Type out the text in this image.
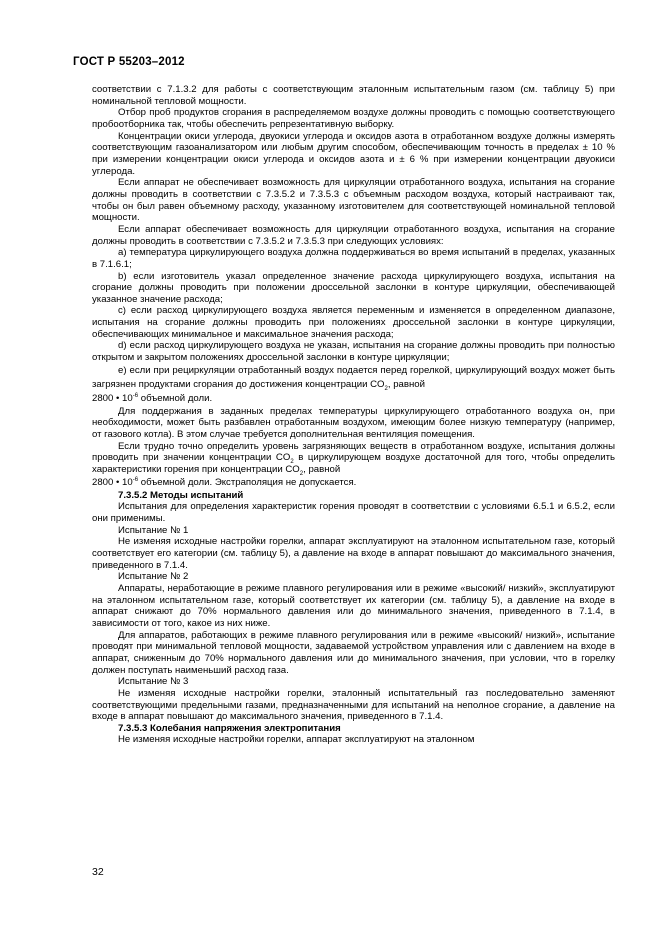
ГОСТ Р 55203–2012

соответствии с 7.1.3.2 для работы с соответствующим эталонным испытательным газом (см. таблицу 5) при номинальной тепловой мощности.

Отбор проб продуктов сгорания в распределяемом воздухе должны проводить с помощью соответствующего пробоотборника так, чтобы обеспечить репрезентативную выборку.

Концентрации окиси углерода, двуокиси углерода и оксидов азота в отработанном воздухе должны измерять соответствующим газоанализатором или любым другим способом, обеспечивающим точность в пределах ± 10 % при измерении концентрации окиси углерода и оксидов азота и ± 6 % при измерении концентрации двуокиси углерода.

Если аппарат не обеспечивает возможность для циркуляции отработанного воздуха, испытания на сгорание должны проводить в соответствии с 7.3.5.2 и 7.3.5.3 с объемным расходом воздуха, который настраивают так, чтобы он был равен объемному расходу, указанному изготовителем для соответствующей номинальной тепловой мощности.

Если аппарат обеспечивает возможность для циркуляции отработанного воздуха, испытания на сгорание должны проводить в соответствии с 7.3.5.2 и 7.3.5.3 при следующих условиях:

а) температура циркулирующего воздуха должна поддерживаться во время испытаний в пределах, указанных в 7.1.6.1;

b) если изготовитель указал определенное значение расхода циркулирующего воздуха, испытания на сгорание должны проводить при положении дроссельной заслонки в контуре циркуляции, обеспечивающей указанное значение расхода;

с) если расход циркулирующего воздуха является переменным и изменяется в определенном диапазоне, испытания на сгорание должны проводить при положениях дроссельной заслонки в контуре циркуляции, обеспечивающих минимальное и максимальное значения расхода;

d) если расход циркулирующего воздуха не указан, испытания на сгорание должны проводить при полностью открытом и закрытом положениях дроссельной заслонки в контуре циркуляции;

е) если при рециркуляции отработанный воздух подается перед горелкой, циркулирующий воздух может быть загрязнен продуктами сгорания до достижения концентрации $CO_2$, равной

2800 • $10^{-6}$ объемной доли.

Для поддержания в заданных пределах температуры циркулирующего отработанного воздуха он, при необходимости, может быть разбавлен отработанным воздухом, имеющим более низкую температуру (например, от газового котла). В этом случае требуется дополнительная вентиляция помещения.

Если трудно точно определить уровень загрязняющих веществ в отработанном воздухе, испытания должны проводить при значении концентрации $CO_2$ в циркулирующем воздухе достаточной для того, чтобы определить характеристики горения при концентрации $CO_2$, равной

2800 • $10^{-6}$ объемной доли. Экстраполяция не допускается.

7.3.5.2 Методы испытаний

Испытания для определения характеристик горения проводят в соответствии с условиями 6.5.1 и 6.5.2, если они применимы.

Испытание № 1

Не изменяя исходные настройки горелки, аппарат эксплуатируют на эталонном испытательном газе, который соответствует его категории (см. таблицу 5), а давление на входе в аппарат повышают до максимального значения, приведенного в 7.1.4.

Испытание № 2

Аппараты, неработающие в режиме плавного регулирования или в режиме «высокий/ низкий», эксплуатируют на эталонном испытательном газе, который соответствует их категории (см. таблицу 5), а давление на входе в аппарат снижают до 70% нормального давления или до минимального значения, приведенного в 7.1.4, в зависимости от того, какое из них ниже.

Для аппаратов, работающих в режиме плавного регулирования или в режиме «высокий/ низкий», испытание проводят при минимальной тепловой мощности, задаваемой устройством управления или с давлением на входе в аппарат, сниженным до 70% нормального давления или до минимального значения, при условии, что в горелку должен поступать наименьший расход газа.

Испытание № 3

Не изменяя исходные настройки горелки, эталонный испытательный газ последовательно заменяют соответствующими предельными газами, предназначенными для испытаний на неполное сгорание, а давление на входе в аппарат повышают до максимального значения, приведенного в 7.1.4.

7.3.5.3 Колебания напряжения электропитания

Не изменяя исходные настройки горелки, аппарат эксплуатируют на эталонном

32
